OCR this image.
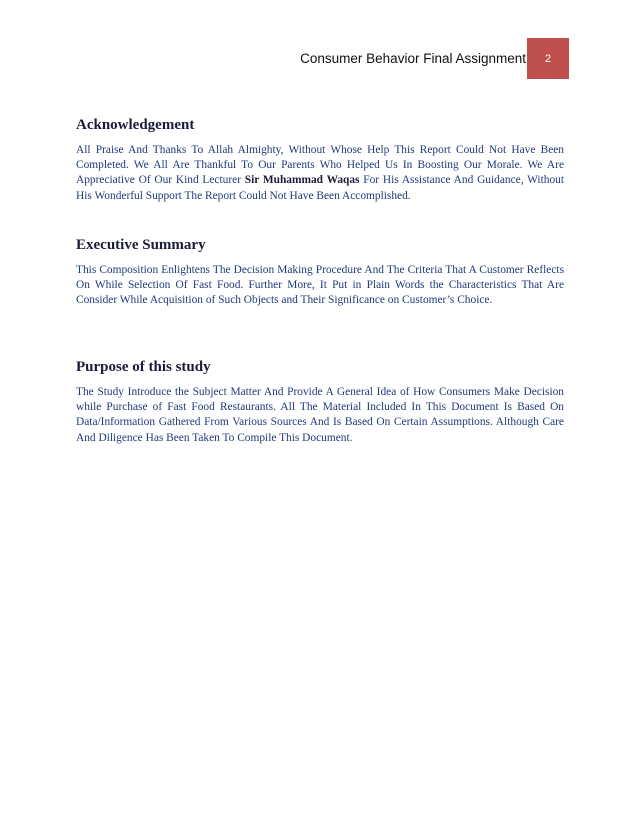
Consumer Behavior Final Assignment 2
Acknowledgement

All Praise And Thanks To Allah Almighty, Without Whose Help This Report Could Not Have Been Completed. We All Are Thankful To Our Parents Who Helped Us In Boosting Our Morale. We Are Appreciative Of Our Kind Lecturer Sir Muhammad Waqas For His Assistance And Guidance, Without His Wonderful Support The Report Could Not Have Been Accomplished.

Executive Summary

This Composition Enlightens The Decision Making Procedure And The Criteria That A Customer Reflects On While Selection Of Fast Food. Further More, It Put in Plain Words the Characteristics That Are Consider While Acquisition of Such Objects and Their Significance on Customer’s Choice.

Purpose of this study

The Study Introduce the Subject Matter And Provide A General Idea of How Consumers Make Decision while Purchase of Fast Food Restaurants. All The Material Included In This Document Is Based On Data/Information Gathered From Various Sources And Is Based On Certain Assumptions. Although Care And Diligence Has Been Taken To Compile This Document.
